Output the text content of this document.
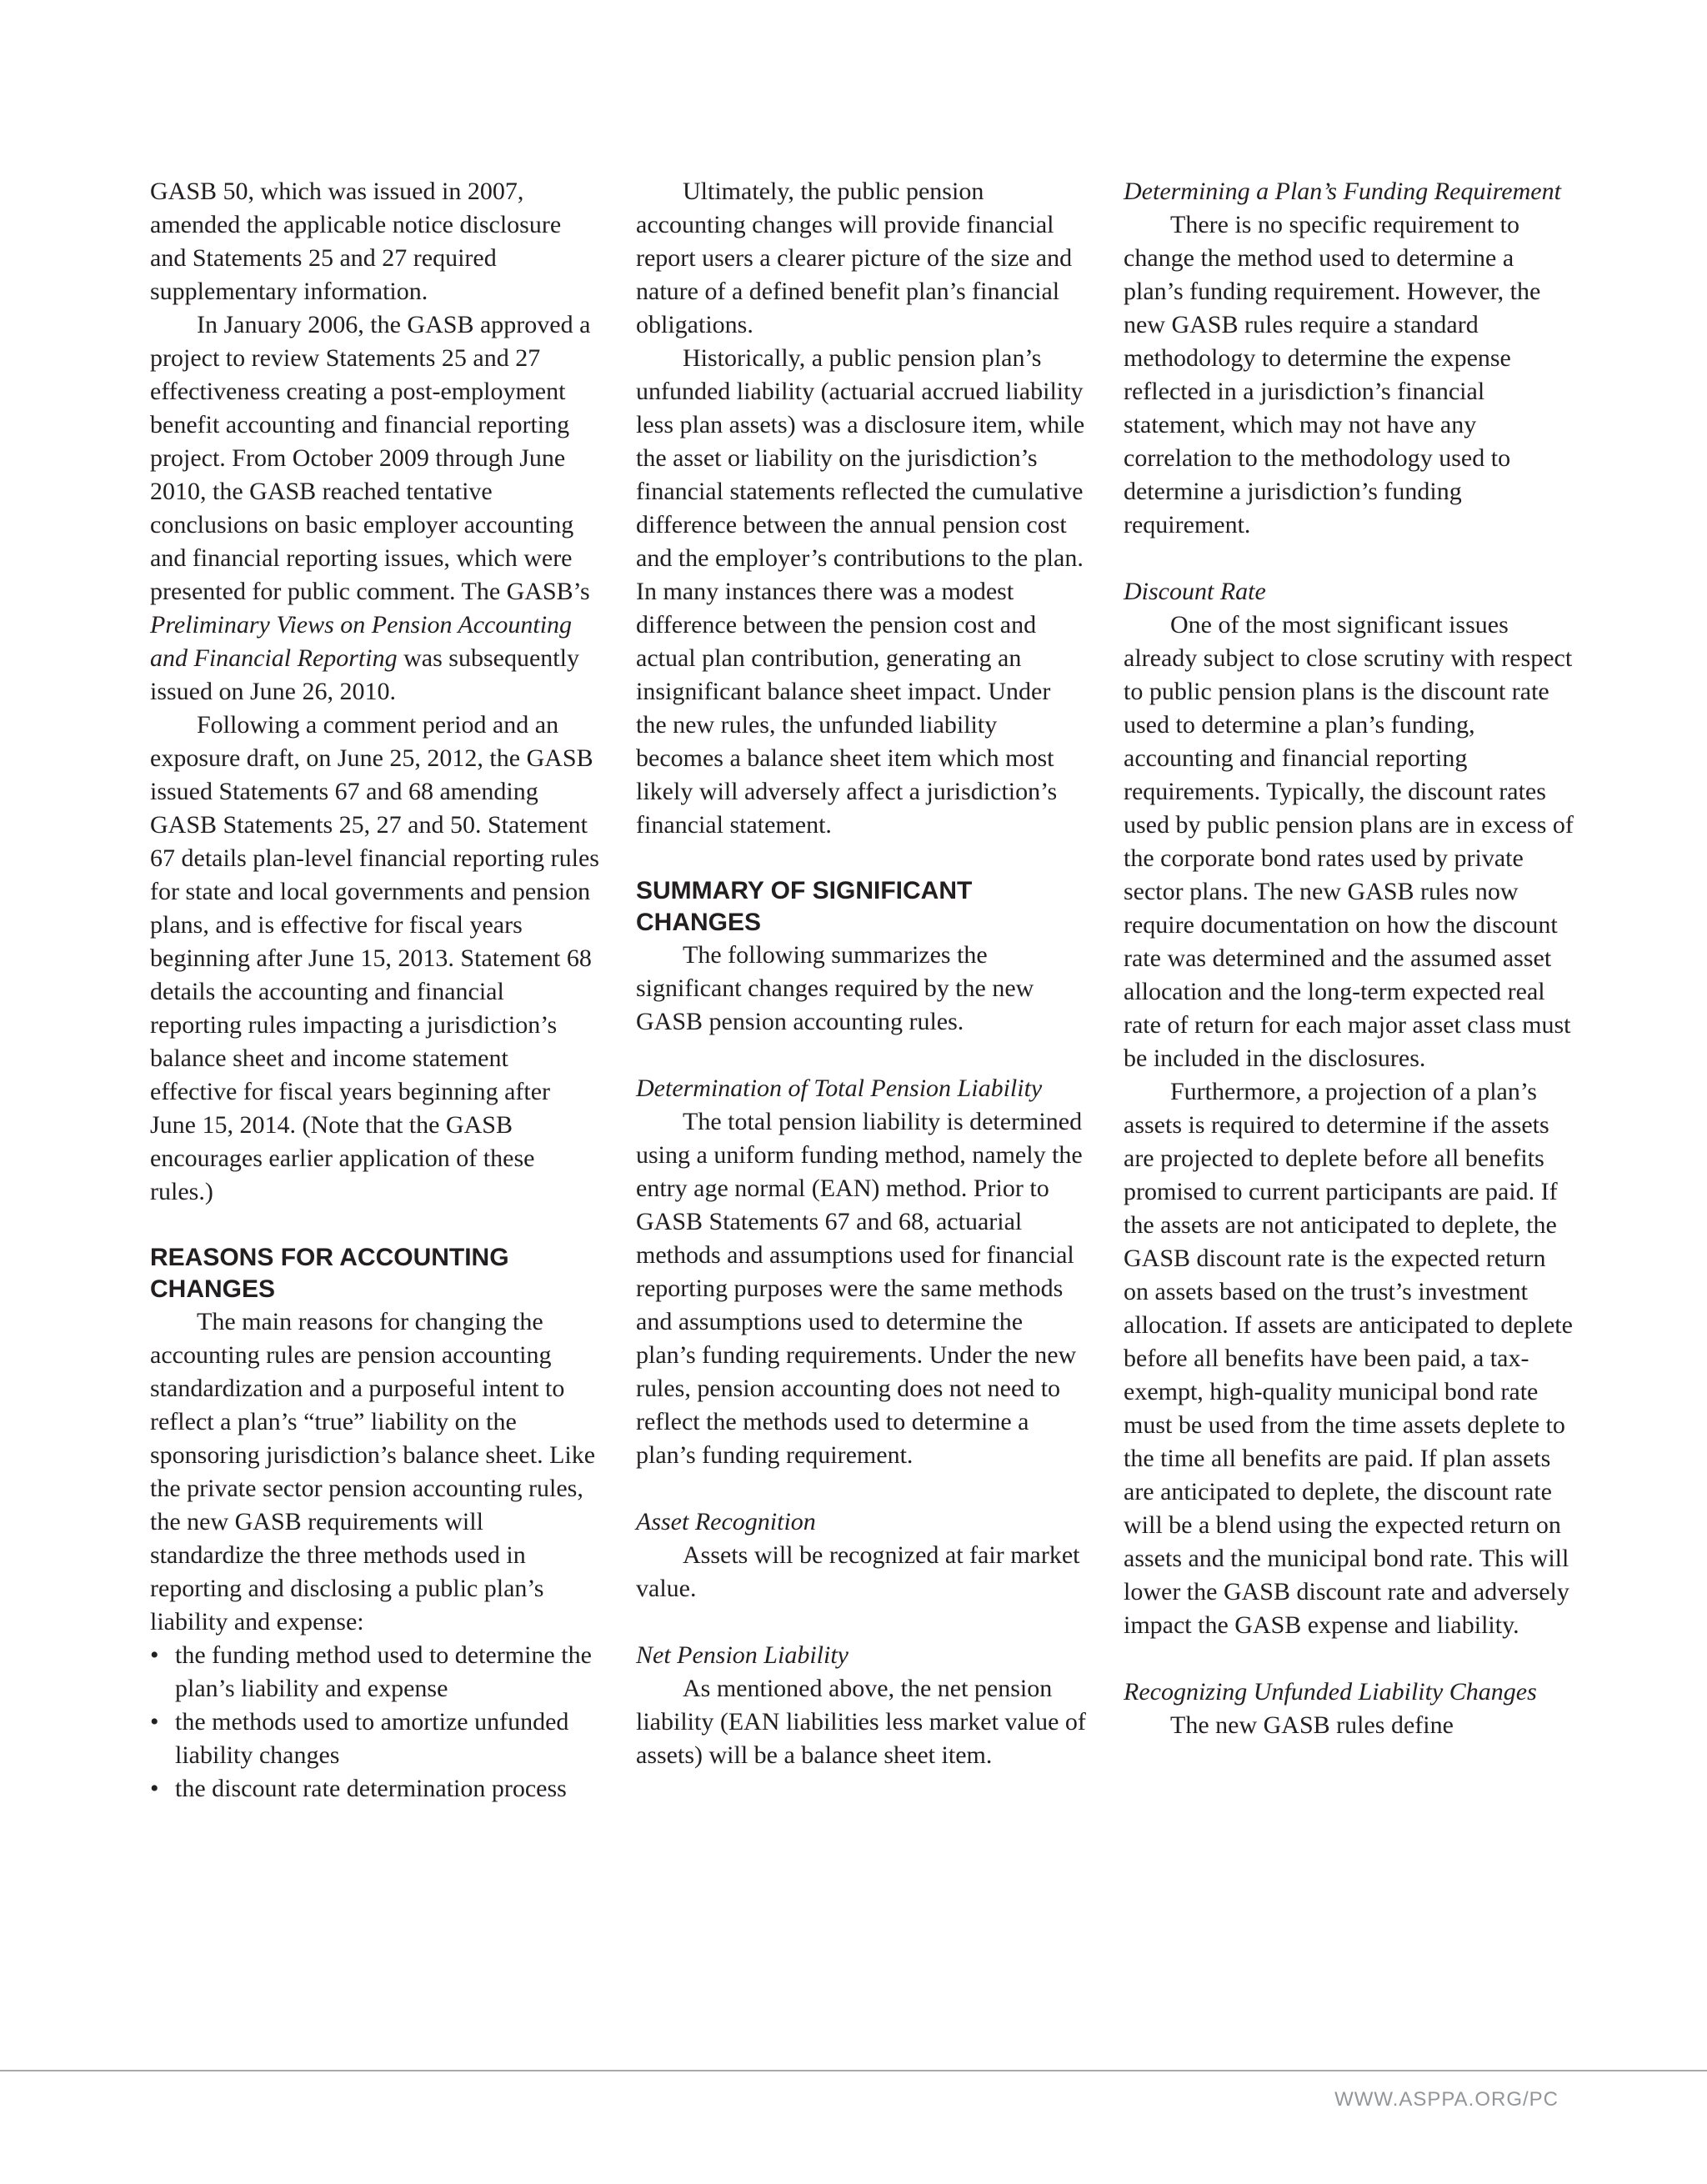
GASB 50, which was issued in 2007, amended the applicable notice disclosure and Statements 25 and 27 required supplementary information.

In January 2006, the GASB approved a project to review Statements 25 and 27 effectiveness creating a post-employment benefit accounting and financial reporting project. From October 2009 through June 2010, the GASB reached tentative conclusions on basic employer accounting and financial reporting issues, which were presented for public comment. The GASB’s Preliminary Views on Pension Accounting and Financial Reporting was subsequently issued on June 26, 2010.

Following a comment period and an exposure draft, on June 25, 2012, the GASB issued Statements 67 and 68 amending GASB Statements 25, 27 and 50. Statement 67 details plan-level financial reporting rules for state and local governments and pension plans, and is effective for fiscal years beginning after June 15, 2013. Statement 68 details the accounting and financial reporting rules impacting a jurisdiction’s balance sheet and income statement effective for fiscal years beginning after June 15, 2014. (Note that the GASB encourages earlier application of these rules.)

REASONS FOR ACCOUNTING CHANGES

The main reasons for changing the accounting rules are pension accounting standardization and a purposeful intent to reflect a plan’s “true” liability on the sponsoring jurisdiction’s balance sheet. Like the private sector pension accounting rules, the new GASB requirements will standardize the three methods used in reporting and disclosing a public plan’s liability and expense:

• the funding method used to determine the plan’s liability and expense
• the methods used to amortize unfunded liability changes
• the discount rate determination process

Ultimately, the public pension accounting changes will provide financial report users a clearer picture of the size and nature of a defined benefit plan’s financial obligations.

Historically, a public pension plan’s unfunded liability (actuarial accrued liability less plan assets) was a disclosure item, while the asset or liability on the jurisdiction’s financial statements reflected the cumulative difference between the annual pension cost and the employer’s contributions to the plan. In many instances there was a modest difference between the pension cost and actual plan contribution, generating an insignificant balance sheet impact. Under the new rules, the unfunded liability becomes a balance sheet item which most likely will adversely affect a jurisdiction’s financial statement.

SUMMARY OF SIGNIFICANT CHANGES

The following summarizes the significant changes required by the new GASB pension accounting rules.

Determination of Total Pension Liability

The total pension liability is determined using a uniform funding method, namely the entry age normal (EAN) method. Prior to GASB Statements 67 and 68, actuarial methods and assumptions used for financial reporting purposes were the same methods and assumptions used to determine the plan’s funding requirements. Under the new rules, pension accounting does not need to reflect the methods used to determine a plan’s funding requirement.

Asset Recognition

Assets will be recognized at fair market value.

Net Pension Liability

As mentioned above, the net pension liability (EAN liabilities less market value of assets) will be a balance sheet item.

Determining a Plan’s Funding Requirement

There is no specific requirement to change the method used to determine a plan’s funding requirement. However, the new GASB rules require a standard methodology to determine the expense reflected in a jurisdiction’s financial statement, which may not have any correlation to the methodology used to determine a jurisdiction’s funding requirement.

Discount Rate

One of the most significant issues already subject to close scrutiny with respect to public pension plans is the discount rate used to determine a plan’s funding, accounting and financial reporting requirements. Typically, the discount rates used by public pension plans are in excess of the corporate bond rates used by private sector plans. The new GASB rules now require documentation on how the discount rate was determined and the assumed asset allocation and the long-term expected real rate of return for each major asset class must be included in the disclosures.

Furthermore, a projection of a plan’s assets is required to determine if the assets are projected to deplete before all benefits promised to current participants are paid. If the assets are not anticipated to deplete, the GASB discount rate is the expected return on assets based on the trust’s investment allocation. If assets are anticipated to deplete before all benefits have been paid, a tax-exempt, high-quality municipal bond rate must be used from the time assets deplete to the time all benefits are paid. If plan assets are anticipated to deplete, the discount rate will be a blend using the expected return on assets and the municipal bond rate. This will lower the GASB discount rate and adversely impact the GASB expense and liability.

Recognizing Unfunded Liability Changes

The new GASB rules define

WWW.ASPPA.ORG/PC
